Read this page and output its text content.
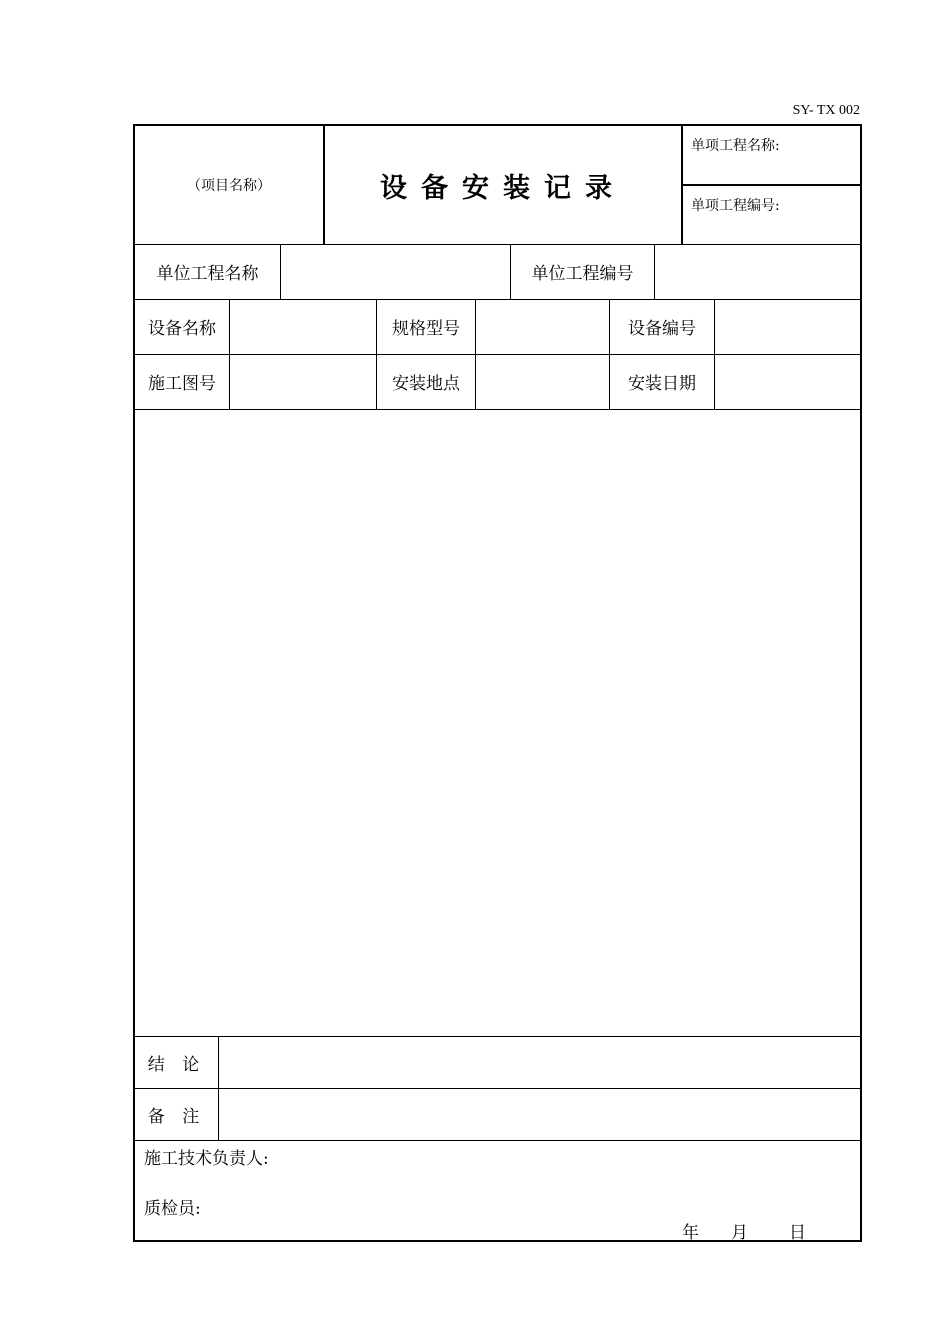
SY- TX 002
（项目名称）	设备安装记录
单项工程名称:
单项工程编号:
单位工程名称	单位工程编号
设备名称	规格型号	设备编号
施工图号	安装地点	安装日期
结 论
备 注
施工技术负责人:
质检员:
年 月 日
